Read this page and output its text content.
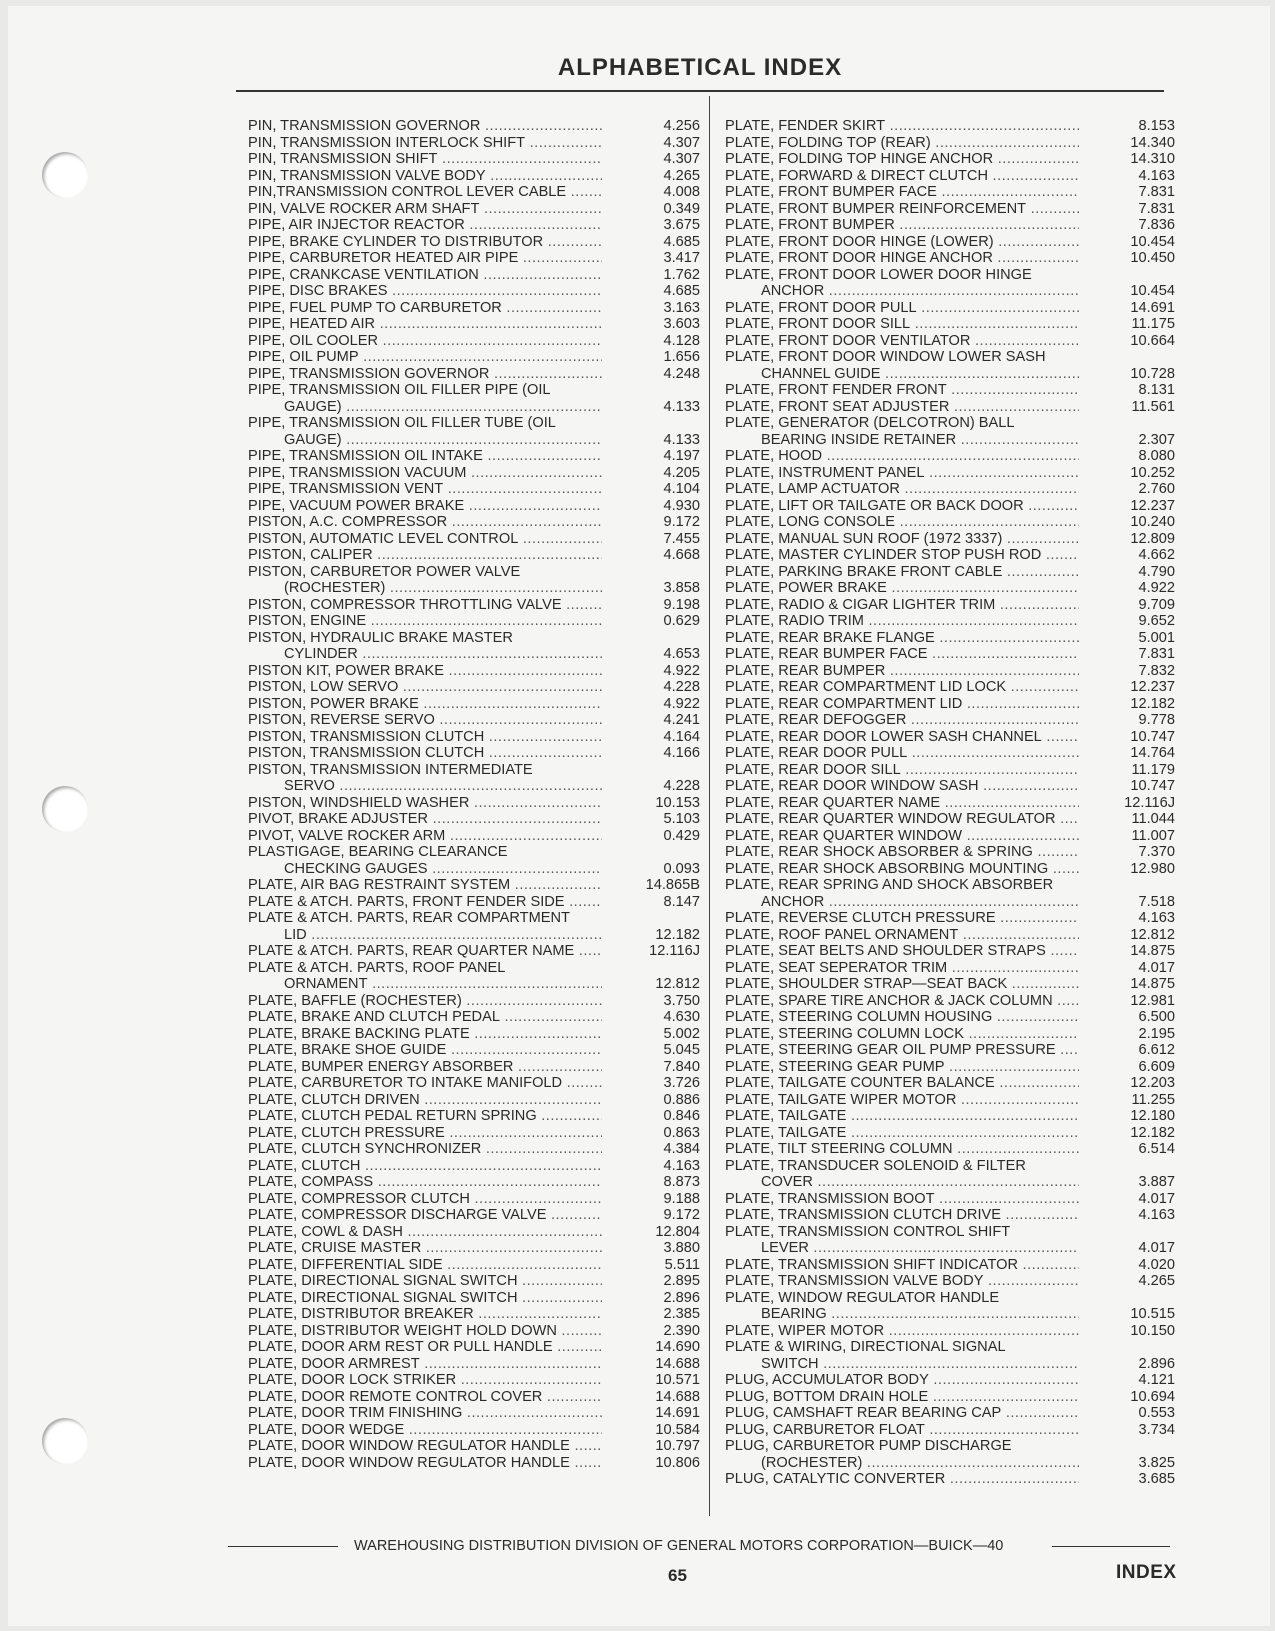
ALPHABETICAL INDEX
PIN, TRANSMISSION GOVERNOR .....	4.256
PIN, TRANSMISSION INTERLOCK SHIFT .....	4.307
PIN, TRANSMISSION SHIFT .....	4.307
PIN, TRANSMISSION VALVE BODY .....	4.265
PIN,TRANSMISSION CONTROL LEVER CABLE .....	4.008
PIN, VALVE ROCKER ARM SHAFT .....	0.349
PIPE, AIR INJECTOR REACTOR .....	3.675
PIPE, BRAKE CYLINDER TO DISTRIBUTOR .....	4.685
PIPE, CARBURETOR HEATED AIR PIPE .....	3.417
PIPE, CRANKCASE VENTILATION .....	1.762
PIPE, DISC BRAKES .....	4.685
PIPE, FUEL PUMP TO CARBURETOR .....	3.163
PIPE, HEATED AIR .....	3.603
PIPE, OIL COOLER .....	4.128
PIPE, OIL PUMP .....	1.656
PIPE, TRANSMISSION GOVERNOR .....	4.248
PIPE, TRANSMISSION OIL FILLER PIPE (OIL
GAUGE) .....	4.133
PIPE, TRANSMISSION OIL FILLER TUBE (OIL
GAUGE) .....	4.133
PIPE, TRANSMISSION OIL INTAKE .....	4.197
PIPE, TRANSMISSION VACUUM .....	4.205
PIPE, TRANSMISSION VENT .....	4.104
PIPE, VACUUM POWER BRAKE .....	4.930
PISTON, A.C. COMPRESSOR .....	9.172
PISTON, AUTOMATIC LEVEL CONTROL .....	7.455
PISTON, CALIPER .....	4.668
PISTON, CARBURETOR POWER VALVE
(ROCHESTER) .....	3.858
PISTON, COMPRESSOR THROTTLING VALVE .....	9.198
PISTON, ENGINE .....	0.629
PISTON, HYDRAULIC BRAKE MASTER
CYLINDER .....	4.653
PISTON KIT, POWER BRAKE .....	4.922
PISTON, LOW SERVO .....	4.228
PISTON, POWER BRAKE .....	4.922
PISTON, REVERSE SERVO .....	4.241
PISTON, TRANSMISSION CLUTCH .....	4.164
PISTON, TRANSMISSION CLUTCH .....	4.166
PISTON, TRANSMISSION INTERMEDIATE
SERVO .....	4.228
PISTON, WINDSHIELD WASHER .....	10.153
PIVOT, BRAKE ADJUSTER .....	5.103
PIVOT, VALVE ROCKER ARM .....	0.429
PLASTIGAGE, BEARING CLEARANCE
CHECKING GAUGES .....	0.093
PLATE, AIR BAG RESTRAINT SYSTEM .....	14.865B
PLATE & ATCH. PARTS, FRONT FENDER SIDE .....	8.147
PLATE & ATCH. PARTS, REAR COMPARTMENT
LID .....	12.182
PLATE & ATCH. PARTS, REAR QUARTER NAME .....	12.116J
PLATE & ATCH. PARTS, ROOF PANEL
ORNAMENT .....	12.812
PLATE, BAFFLE (ROCHESTER) .....	3.750
PLATE, BRAKE AND CLUTCH PEDAL .....	4.630
PLATE, BRAKE BACKING PLATE .....	5.002
PLATE, BRAKE SHOE GUIDE .....	5.045
PLATE, BUMPER ENERGY ABSORBER .....	7.840
PLATE, CARBURETOR TO INTAKE MANIFOLD .....	3.726
PLATE, CLUTCH DRIVEN .....	0.886
PLATE, CLUTCH PEDAL RETURN SPRING .....	0.846
PLATE, CLUTCH PRESSURE .....	0.863
PLATE, CLUTCH SYNCHRONIZER .....	4.384
PLATE, CLUTCH .....	4.163
PLATE, COMPASS .....	8.873
PLATE, COMPRESSOR CLUTCH .....	9.188
PLATE, COMPRESSOR DISCHARGE VALVE .....	9.172
PLATE, COWL & DASH .....	12.804
PLATE, CRUISE MASTER .....	3.880
PLATE, DIFFERENTIAL SIDE .....	5.511
PLATE, DIRECTIONAL SIGNAL SWITCH .....	2.895
PLATE, DIRECTIONAL SIGNAL SWITCH .....	2.896
PLATE, DISTRIBUTOR BREAKER .....	2.385
PLATE, DISTRIBUTOR WEIGHT HOLD DOWN .....	2.390
PLATE, DOOR ARM REST OR PULL HANDLE .....	14.690
PLATE, DOOR ARMREST .....	14.688
PLATE, DOOR LOCK STRIKER .....	10.571
PLATE, DOOR REMOTE CONTROL COVER .....	14.688
PLATE, DOOR TRIM FINISHING .....	14.691
PLATE, DOOR WEDGE .....	10.584
PLATE, DOOR WINDOW REGULATOR HANDLE .....	10.797
PLATE, DOOR WINDOW REGULATOR HANDLE .....	10.806
PLATE, FENDER SKIRT .....	8.153
PLATE, FOLDING TOP (REAR) .....	14.340
PLATE, FOLDING TOP HINGE ANCHOR .....	14.310
PLATE, FORWARD & DIRECT CLUTCH .....	4.163
PLATE, FRONT BUMPER FACE .....	7.831
PLATE, FRONT BUMPER REINFORCEMENT .....	7.831
PLATE, FRONT BUMPER .....	7.836
PLATE, FRONT DOOR HINGE (LOWER) .....	10.454
PLATE, FRONT DOOR HINGE ANCHOR .....	10.450
PLATE, FRONT DOOR LOWER DOOR HINGE
ANCHOR .....	10.454
PLATE, FRONT DOOR PULL .....	14.691
PLATE, FRONT DOOR SILL .....	11.175
PLATE, FRONT DOOR VENTILATOR .....	10.664
PLATE, FRONT DOOR WINDOW LOWER SASH
CHANNEL GUIDE .....	10.728
PLATE, FRONT FENDER FRONT .....	8.131
PLATE, FRONT SEAT ADJUSTER .....	11.561
PLATE, GENERATOR (DELCOTRON) BALL
BEARING INSIDE RETAINER .....	2.307
PLATE, HOOD .....	8.080
PLATE, INSTRUMENT PANEL .....	10.252
PLATE, LAMP ACTUATOR .....	2.760
PLATE, LIFT OR TAILGATE OR BACK DOOR .....	12.237
PLATE, LONG CONSOLE .....	10.240
PLATE, MANUAL SUN ROOF (1972 3337) .....	12.809
PLATE, MASTER CYLINDER STOP PUSH ROD .....	4.662
PLATE, PARKING BRAKE FRONT CABLE .....	4.790
PLATE, POWER BRAKE .....	4.922
PLATE, RADIO & CIGAR LIGHTER TRIM .....	9.709
PLATE, RADIO TRIM .....	9.652
PLATE, REAR BRAKE FLANGE .....	5.001
PLATE, REAR BUMPER FACE .....	7.831
PLATE, REAR BUMPER .....	7.832
PLATE, REAR COMPARTMENT LID LOCK .....	12.237
PLATE, REAR COMPARTMENT LID .....	12.182
PLATE, REAR DEFOGGER .....	9.778
PLATE, REAR DOOR LOWER SASH CHANNEL .....	10.747
PLATE, REAR DOOR PULL .....	14.764
PLATE, REAR DOOR SILL .....	11.179
PLATE, REAR DOOR WINDOW SASH .....	10.747
PLATE, REAR QUARTER NAME .....	12.116J
PLATE, REAR QUARTER WINDOW REGULATOR .....	11.044
PLATE, REAR QUARTER WINDOW .....	11.007
PLATE, REAR SHOCK ABSORBER & SPRING .....	7.370
PLATE, REAR SHOCK ABSORBING MOUNTING .....	12.980
PLATE, REAR SPRING AND SHOCK ABSORBER
ANCHOR .....	7.518
PLATE, REVERSE CLUTCH PRESSURE .....	4.163
PLATE, ROOF PANEL ORNAMENT .....	12.812
PLATE, SEAT BELTS AND SHOULDER STRAPS .....	14.875
PLATE, SEAT SEPERATOR TRIM .....	4.017
PLATE, SHOULDER STRAP—SEAT BACK .....	14.875
PLATE, SPARE TIRE ANCHOR & JACK COLUMN .....	12.981
PLATE, STEERING COLUMN HOUSING .....	6.500
PLATE, STEERING COLUMN LOCK .....	2.195
PLATE, STEERING GEAR OIL PUMP PRESSURE .....	6.612
PLATE, STEERING GEAR PUMP .....	6.609
PLATE, TAILGATE COUNTER BALANCE .....	12.203
PLATE, TAILGATE WIPER MOTOR .....	11.255
PLATE, TAILGATE .....	12.180
PLATE, TAILGATE .....	12.182
PLATE, TILT STEERING COLUMN .....	6.514
PLATE, TRANSDUCER SOLENOID & FILTER
COVER .....	3.887
PLATE, TRANSMISSION BOOT .....	4.017
PLATE, TRANSMISSION CLUTCH DRIVE .....	4.163
PLATE, TRANSMISSION CONTROL SHIFT
LEVER .....	4.017
PLATE, TRANSMISSION SHIFT INDICATOR .....	4.020
PLATE, TRANSMISSION VALVE BODY .....	4.265
PLATE, WINDOW REGULATOR HANDLE
BEARING .....	10.515
PLATE, WIPER MOTOR .....	10.150
PLATE & WIRING, DIRECTIONAL SIGNAL
SWITCH .....	2.896
PLUG, ACCUMULATOR BODY .....	4.121
PLUG, BOTTOM DRAIN HOLE .....	10.694
PLUG, CAMSHAFT REAR BEARING CAP .....	0.553
PLUG, CARBURETOR FLOAT .....	3.734
PLUG, CARBURETOR PUMP DISCHARGE
(ROCHESTER) .....	3.825
PLUG, CATALYTIC CONVERTER .....	3.685
WAREHOUSING DISTRIBUTION DIVISION OF GENERAL MOTORS CORPORATION—BUICK—40
65	INDEX
